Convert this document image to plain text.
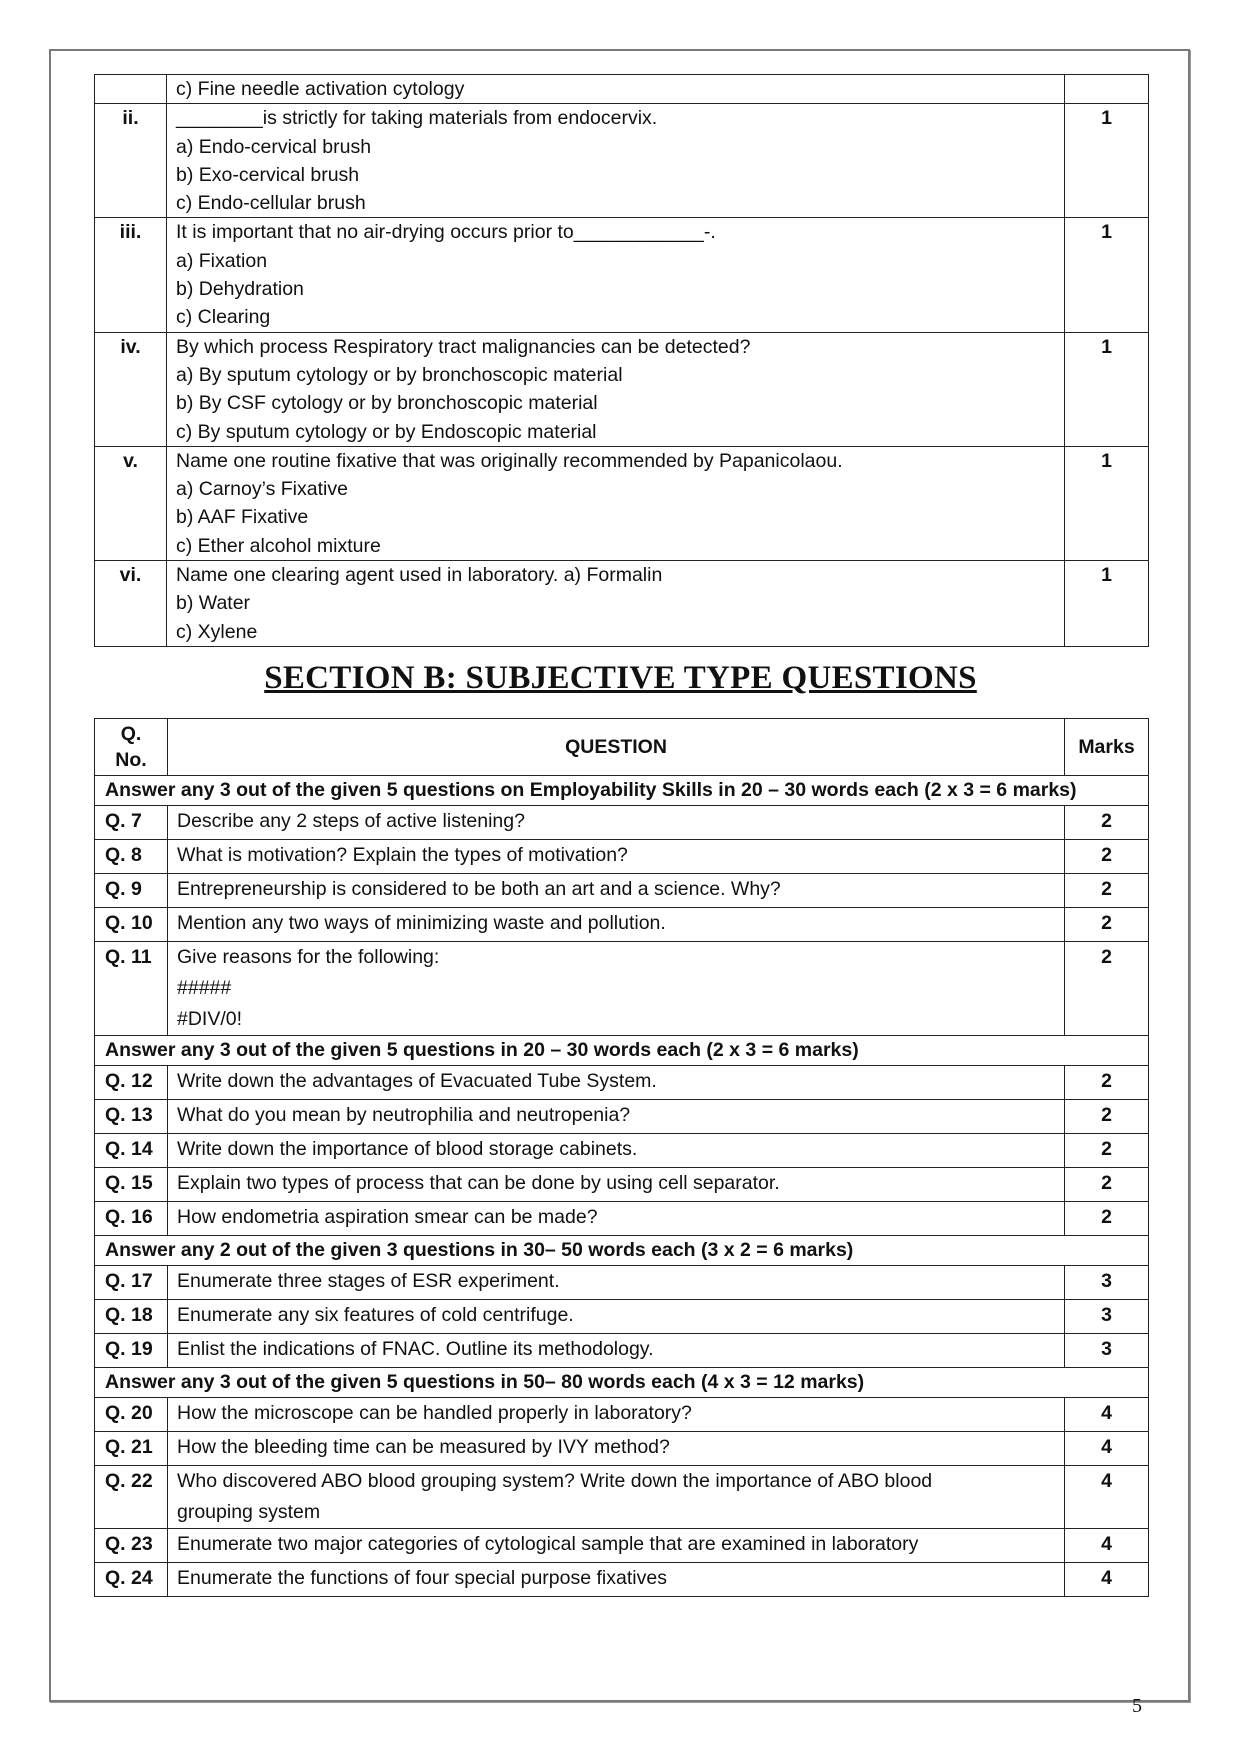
	c) Fine needle activation cytology	

ii.	________is strictly for taking materials from endocervix.
a) Endo-cervical brush
b) Exo-cervical brush
c) Endo-cellular brush	1

iii.	It is important that no air-drying occurs prior to____________-.
a) Fixation
b) Dehydration
c) Clearing	1

iv.	By which process Respiratory tract malignancies can be detected?
a) By sputum cytology or by bronchoscopic material
b) By CSF cytology or by bronchoscopic material
c) By sputum cytology or by Endoscopic material	1

v.	Name one routine fixative that was originally recommended by Papanicolaou.
a) Carnoy’s Fixative
b) AAF Fixative
c) Ether alcohol mixture	1

vi.	Name one clearing agent used in laboratory. a) Formalin
b) Water
c) Xylene	1
SECTION B: SUBJECTIVE TYPE QUESTIONS
Q.
No.	QUESTION	Marks
Answer any 3 out of the given 5 questions on Employability Skills in 20 – 30 words each (2 x 3 = 6 marks)		

Q. 7	Describe any 2 steps of active listening?	2

Q. 8	What is motivation? Explain the types of motivation?	2

Q. 9	Entrepreneurship is considered to be both an art and a science. Why?	2

Q. 10	Mention any two ways of minimizing waste and pollution.	2

Q. 11	Give reasons for the following:
#####
#DIV/0!	2

Answer any 3 out of the given 5 questions in 20 – 30 words each (2 x 3 = 6 marks)		

Q. 12	Write down the advantages of Evacuated Tube System.	2

Q. 13	What do you mean by neutrophilia and neutropenia?	2

Q. 14	Write down the importance of blood storage cabinets.	2

Q. 15	Explain two types of process that can be done by using cell separator.	2

Q. 16	How endometria aspiration smear can be made?	2

Answer any 2 out of the given 3 questions in 30– 50 words each (3 x 2 = 6 marks)		

Q. 17	Enumerate three stages of ESR experiment.	3

Q. 18	Enumerate any six features of cold centrifuge.	3

Q. 19	Enlist the indications of FNAC. Outline its methodology.	3

Answer any 3 out of the given 5 questions in 50– 80 words each (4 x 3 = 12 marks)		

Q. 20	How the microscope can be handled properly in laboratory?	4

Q. 21	How the bleeding time can be measured by IVY method?	4

Q. 22	Who discovered ABO blood grouping system? Write down the importance of ABO blood
grouping system	4

Q. 23	Enumerate two major categories of cytological sample that are examined in laboratory	4

Q. 24	Enumerate the functions of four special purpose fixatives	4
5
